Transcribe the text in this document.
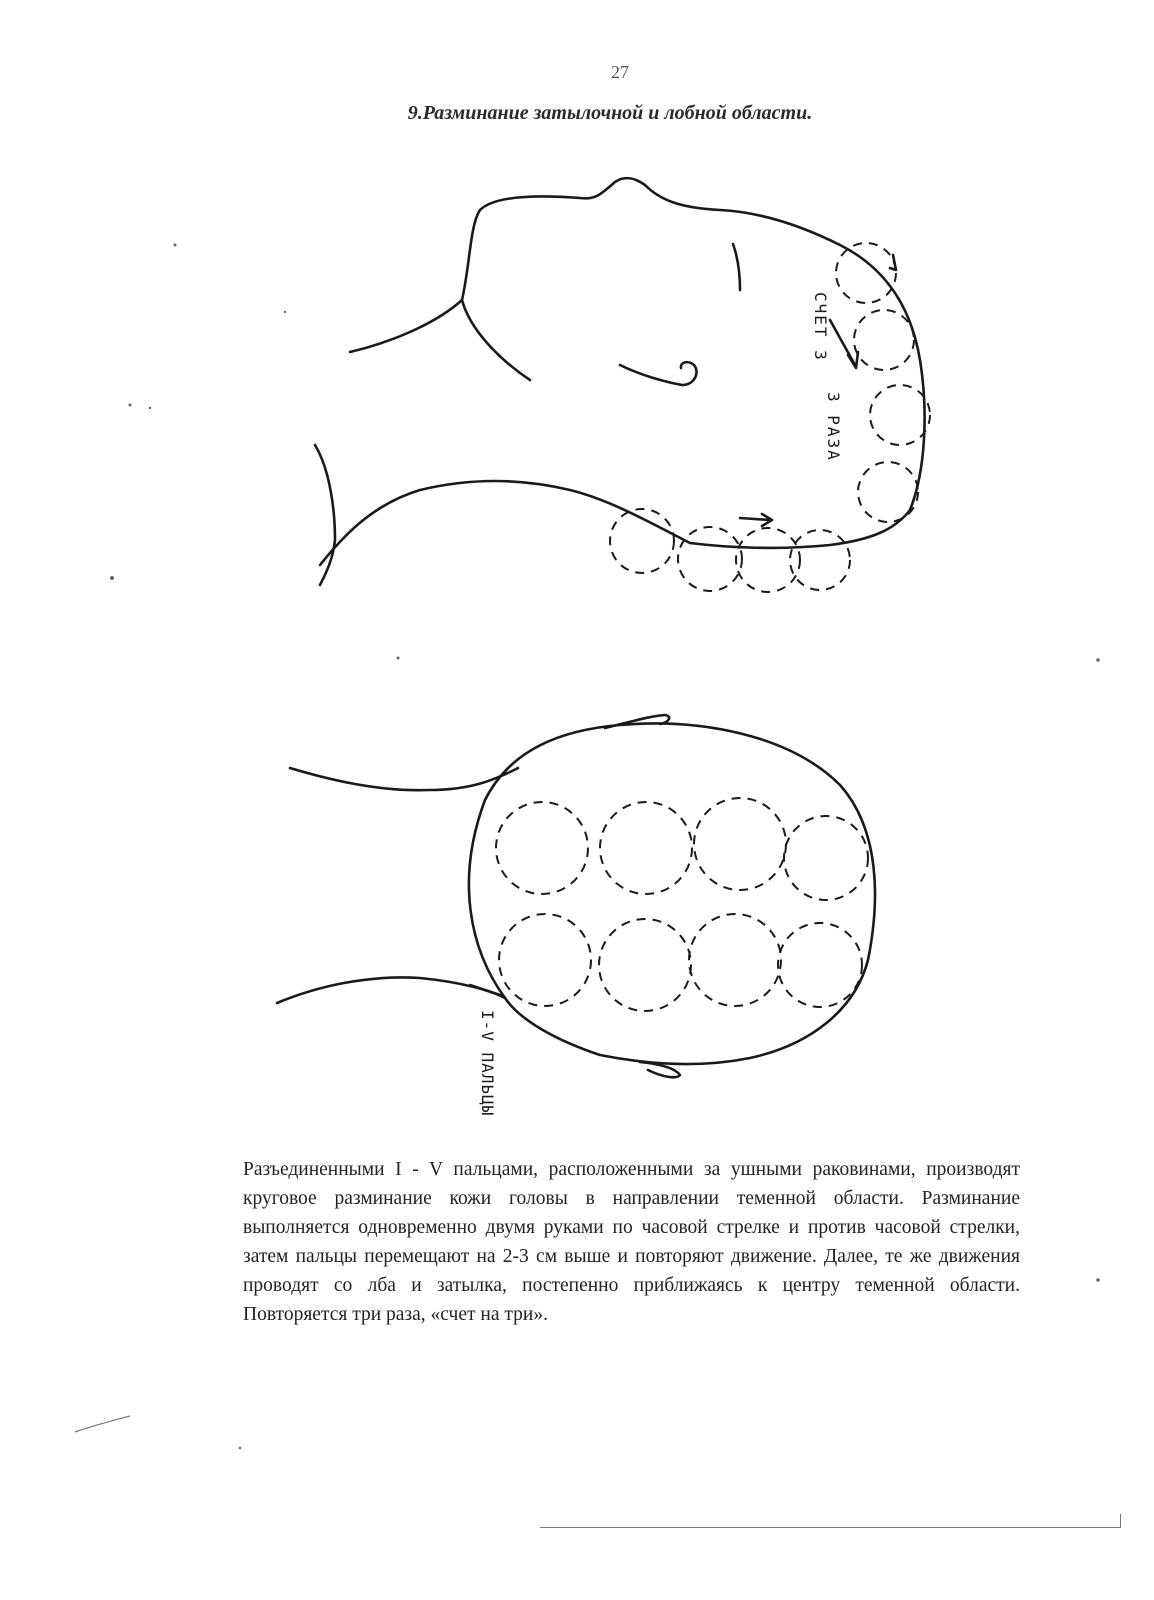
27
9.Разминание затылочной и лобной области.
СЧЕТ 3
3 РАЗА
I-V ПАЛЬЦЫ

Разъединенными I - V пальцами, расположенными за ушными раковинами, производят круговое разминание кожи головы в направлении теменной области. Разминание выполняется одновременно двумя руками по часовой стрелке и против часовой стрелки, затем пальцы перемещают на 2-3 см выше и повторяют движение. Далее, те же движения проводят со лба и затылка, постепенно приближаясь к центру теменной области. Повторяется три раза, «счет на три».
